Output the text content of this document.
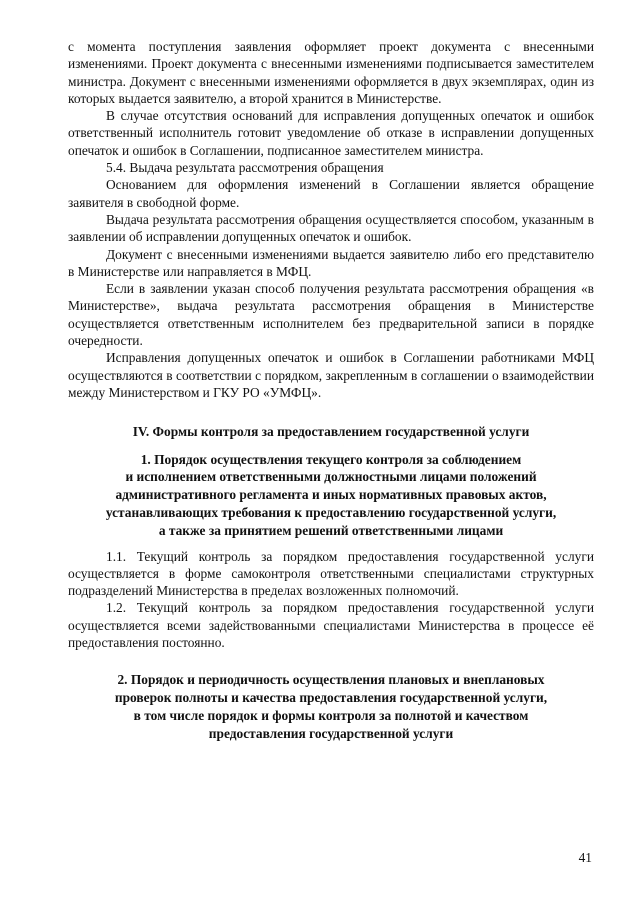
с момента поступления заявления оформляет проект документа с внесенными изменениями. Проект документа с внесенными изменениями подписывается заместителем министра. Документ с внесенными изменениями оформляется в двух экземплярах, один из которых выдается заявителю, а второй хранится в Министерстве.

В случае отсутствия оснований для исправления допущенных опечаток и ошибок ответственный исполнитель готовит уведомление об отказе в исправлении допущенных опечаток и ошибок в Соглашении, подписанное заместителем министра.

5.4. Выдача результата рассмотрения обращения

Основанием для оформления изменений в Соглашении является обращение заявителя в свободной форме.

Выдача результата рассмотрения обращения осуществляется способом, указанным в заявлении об исправлении допущенных опечаток и ошибок.

Документ с внесенными изменениями выдается заявителю либо его представителю в Министерстве или направляется в МФЦ.

Если в заявлении указан способ получения результата рассмотрения обращения «в Министерстве», выдача результата рассмотрения обращения в Министерстве осуществляется ответственным исполнителем без предварительной записи в порядке очередности.

Исправления допущенных опечаток и ошибок в Соглашении работниками МФЦ осуществляются в соответствии с порядком, закрепленным в соглашении о взаимодействии между Министерством и ГКУ РО «УМФЦ».

IV. Формы контроля за предоставлением государственной услуги
1. Порядок осуществления текущего контроля за соблюдением
и исполнением ответственными должностными лицами положений
административного регламента и иных нормативных правовых актов,
устанавливающих требования к предоставлению государственной услуги,
а также за принятием решений ответственными лицами

1.1. Текущий контроль за порядком предоставления государственной услуги осуществляется в форме самоконтроля ответственными специалистами структурных подразделений Министерства в пределах возложенных полномочий.

1.2. Текущий контроль за порядком предоставления государственной услуги осуществляется всеми задействованными специалистами Министерства в процессе её предоставления постоянно.

2. Порядок и периодичность осуществления плановых и внеплановых
проверок полноты и качества предоставления государственной услуги,
в том числе порядок и формы контроля за полнотой и качеством
предоставления государственной услуги
41
